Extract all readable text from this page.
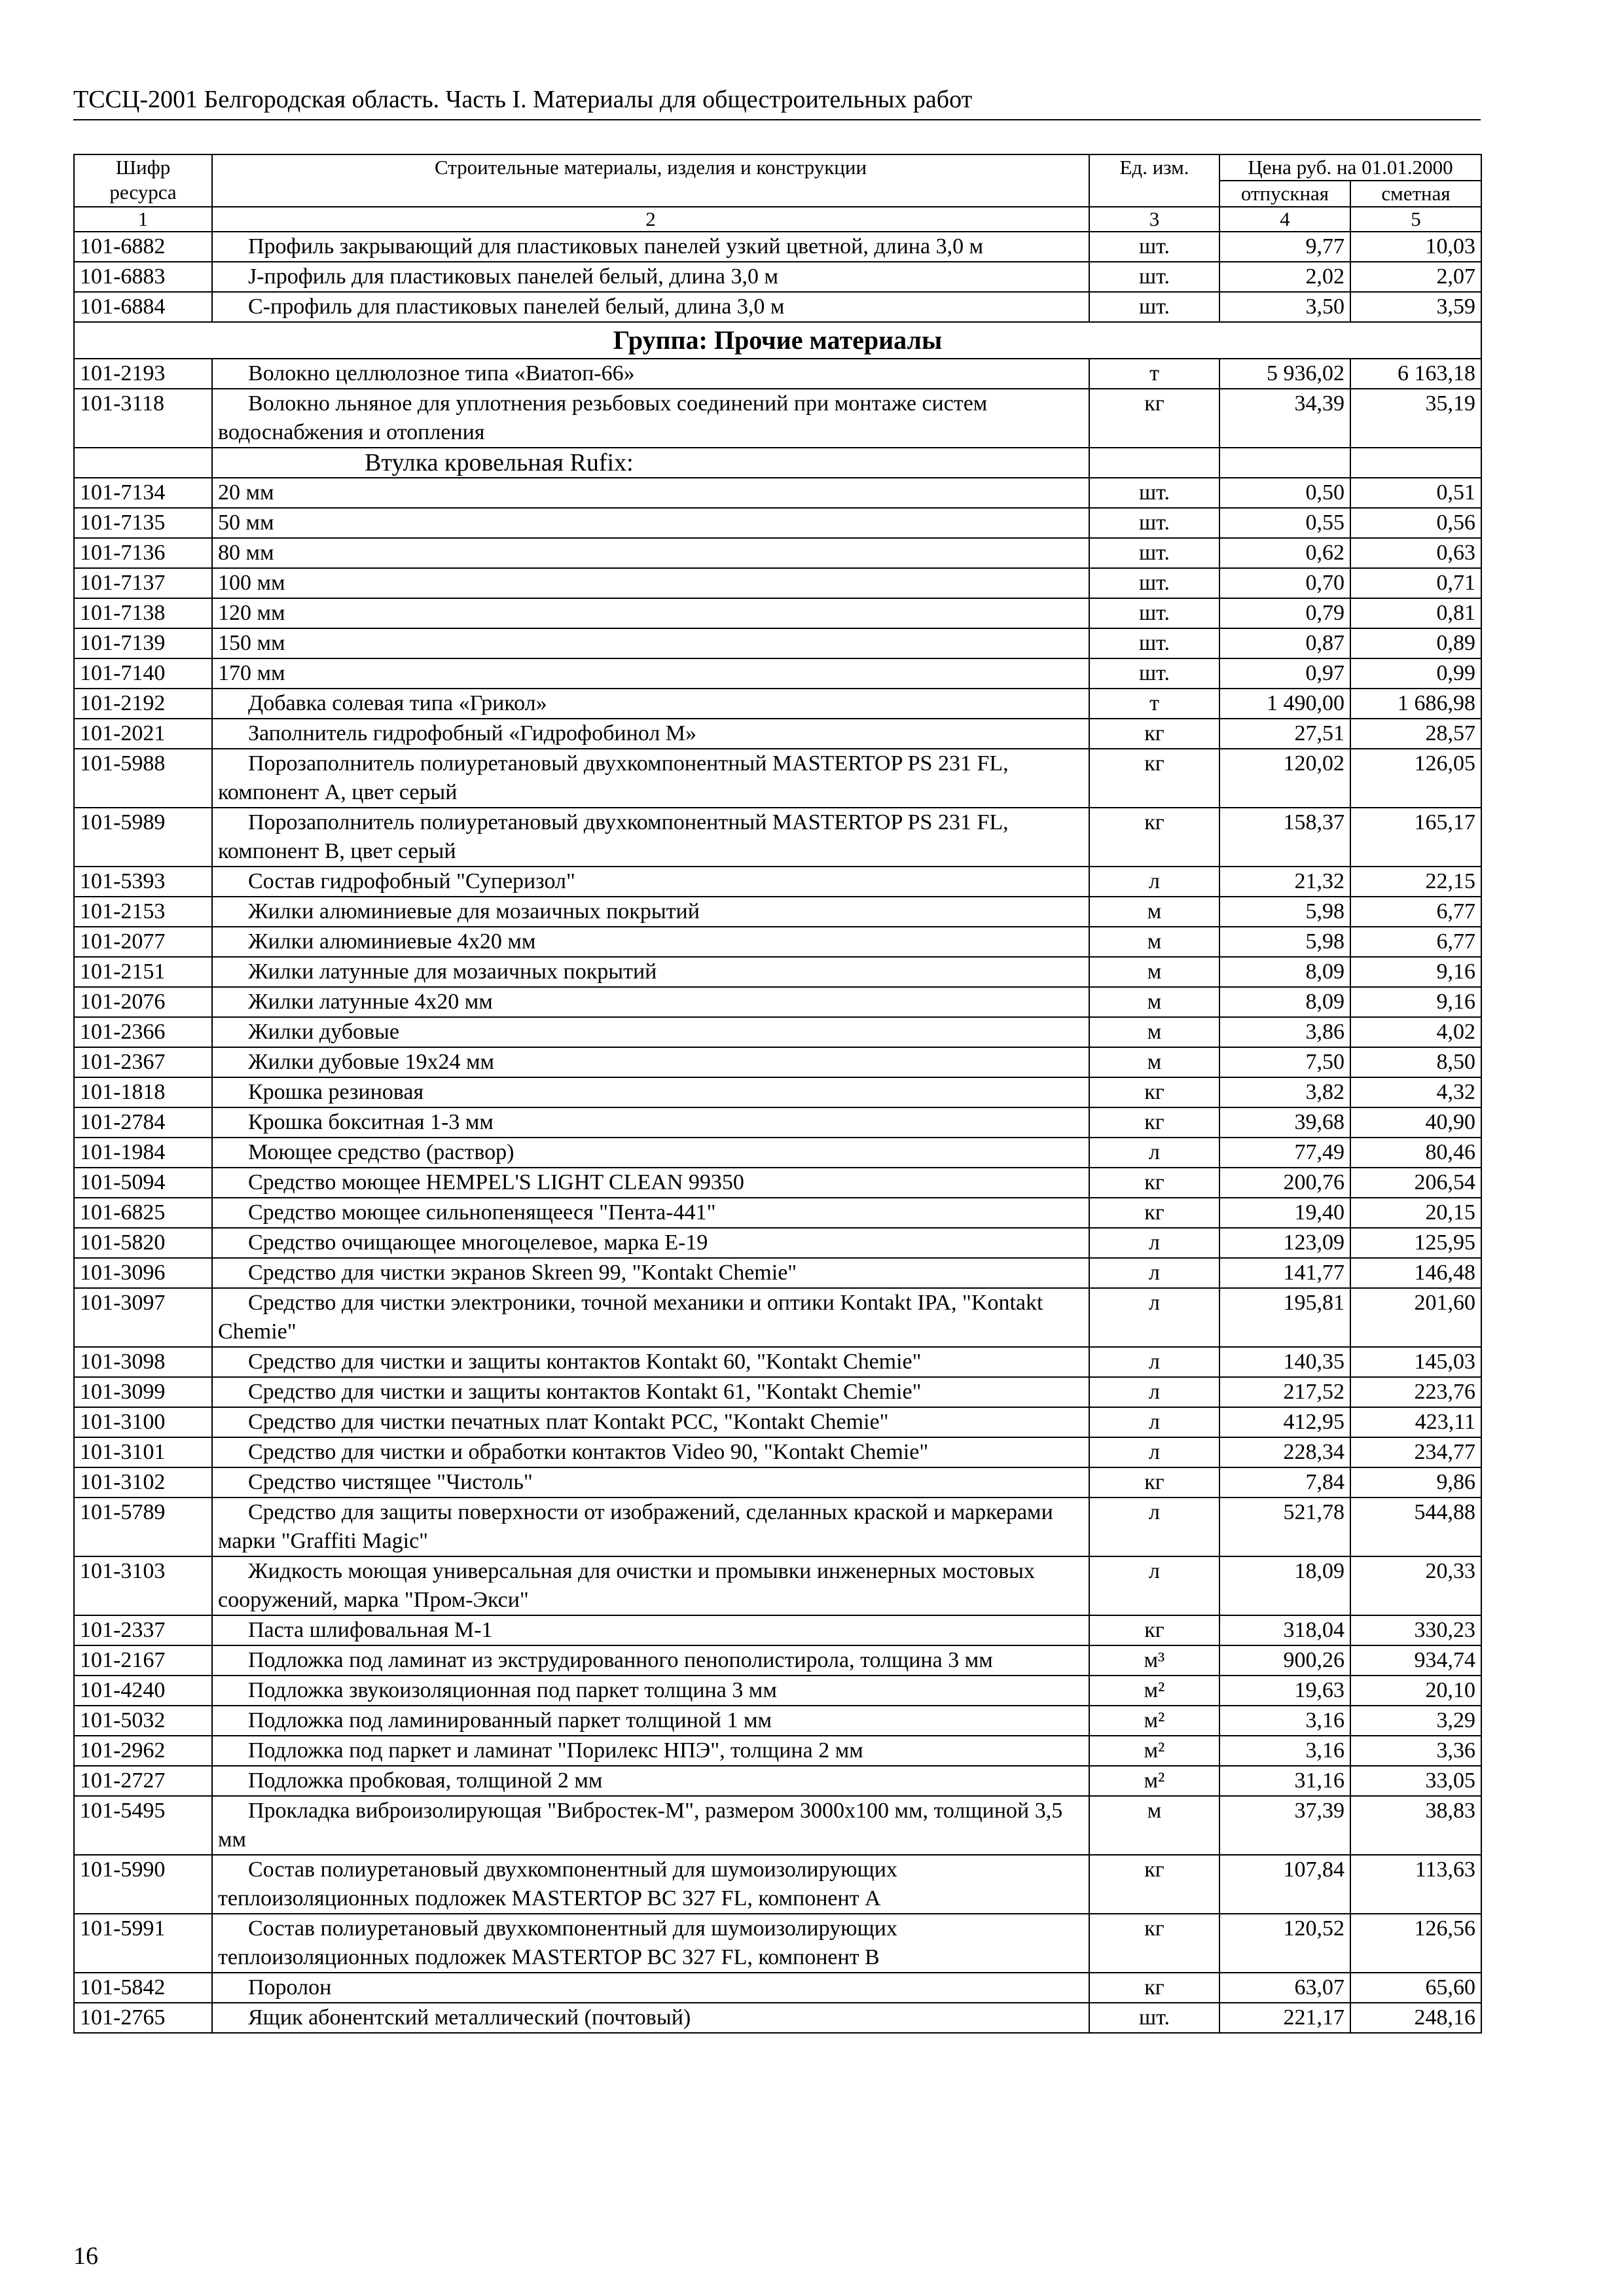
ТССЦ-2001 Белгородская область. Часть I. Материалы для общестроительных работ
Шифр ресурса	Строительные материалы, изделия и конструкции	Ед. изм.	Цена руб. на 01.01.2000	
			отпускная	сметная
1	2	3	4	5
101-6882	Профиль закрывающий для пластиковых панелей узкий цветной, длина 3,0 м	шт.	9,77	10,03
101-6883	J-профиль для пластиковых панелей белый, длина 3,0 м	шт.	2,02	2,07
101-6884	С-профиль для пластиковых панелей белый, длина 3,0 м	шт.	3,50	3,59
Группа: Прочие материалы				
101-2193	Волокно целлюлозное типа «Виатоп-66»	т	5 936,02	6 163,18
101-3118	Волокно льняное для уплотнения резьбовых соединений при монтаже систем водоснабжения и отопления	кг	34,39	35,19
	Втулка кровельная Rufix:			
101-7134	20 мм	шт.	0,50	0,51
101-7135	50 мм	шт.	0,55	0,56
101-7136	80 мм	шт.	0,62	0,63
101-7137	100 мм	шт.	0,70	0,71
101-7138	120 мм	шт.	0,79	0,81
101-7139	150 мм	шт.	0,87	0,89
101-7140	170 мм	шт.	0,97	0,99
101-2192	Добавка солевая типа «Грикол»	т	1 490,00	1 686,98
101-2021	Заполнитель гидрофобный «Гидрофобинол М»	кг	27,51	28,57
101-5988	Порозаполнитель полиуретановый двухкомпонентный MASTERTOP PS 231 FL, компонент А, цвет серый	кг	120,02	126,05
101-5989	Порозаполнитель полиуретановый двухкомпонентный MASTERTOP PS 231 FL, компонент В, цвет серый	кг	158,37	165,17
101-5393	Состав гидрофобный "Суперизол"	л	21,32	22,15
101-2153	Жилки алюминиевые для мозаичных покрытий	м	5,98	6,77
101-2077	Жилки алюминиевые 4x20 мм	м	5,98	6,77
101-2151	Жилки латунные для мозаичных покрытий	м	8,09	9,16
101-2076	Жилки латунные 4x20 мм	м	8,09	9,16
101-2366	Жилки дубовые	м	3,86	4,02
101-2367	Жилки дубовые 19x24 мм	м	7,50	8,50
101-1818	Крошка резиновая	кг	3,82	4,32
101-2784	Крошка бокситная 1-3 мм	кг	39,68	40,90
101-1984	Моющее средство (раствор)	л	77,49	80,46
101-5094	Средство моющее HEMPEL'S LIGHT CLEAN 99350	кг	200,76	206,54
101-6825	Средство моющее сильнопенящееся "Пента-441"	кг	19,40	20,15
101-5820	Средство очищающее многоцелевое, марка Е-19	л	123,09	125,95
101-3096	Средство для чистки экранов Skreen 99, "Kontakt Chemie"	л	141,77	146,48
101-3097	Средство для чистки электроники, точной механики и оптики Kontakt IPA, "Kontakt Chemie"	л	195,81	201,60
101-3098	Средство для чистки и защиты контактов Kontakt 60, "Kontakt Chemie"	л	140,35	145,03
101-3099	Средство для чистки и защиты контактов Kontakt 61, "Kontakt Chemie"	л	217,52	223,76
101-3100	Средство для чистки печатных плат Kontakt PCC, "Kontakt Chemie"	л	412,95	423,11
101-3101	Средство для чистки и обработки контактов Video 90, "Kontakt Chemie"	л	228,34	234,77
101-3102	Средство чистящее "Чистоль"	кг	7,84	9,86
101-5789	Средство для защиты поверхности от изображений, сделанных краской и маркерами марки "Graffiti Magic"	л	521,78	544,88
101-3103	Жидкость моющая универсальная для очистки и промывки инженерных мостовых сооружений, марка "Пром-Экси"	л	18,09	20,33
101-2337	Паста шлифовальная М-1	кг	318,04	330,23
101-2167	Подложка под ламинат из экструдированного пенополистирола, толщина 3 мм	м³	900,26	934,74
101-4240	Подложка звукоизоляционная под паркет толщина 3 мм	м²	19,63	20,10
101-5032	Подложка под ламинированный паркет толщиной 1 мм	м²	3,16	3,29
101-2962	Подложка под паркет и ламинат "Порилекс НПЭ", толщина 2 мм	м²	3,16	3,36
101-2727	Подложка пробковая, толщиной 2 мм	м²	31,16	33,05
101-5495	Прокладка виброизолирующая "Вибростек-М", размером 3000x100 мм, толщиной 3,5 мм	м	37,39	38,83
101-5990	Состав полиуретановый двухкомпонентный для шумоизолирующих теплоизоляционных подложек MASTERTOP BC 327 FL, компонент А	кг	107,84	113,63
101-5991	Состав полиуретановый двухкомпонентный для шумоизолирующих теплоизоляционных подложек MASTERTOP BC 327 FL, компонент В	кг	120,52	126,56
101-5842	Поролон	кг	63,07	65,60
101-2765	Ящик абонентский металлический (почтовый)	шт.	221,17	248,16
16
